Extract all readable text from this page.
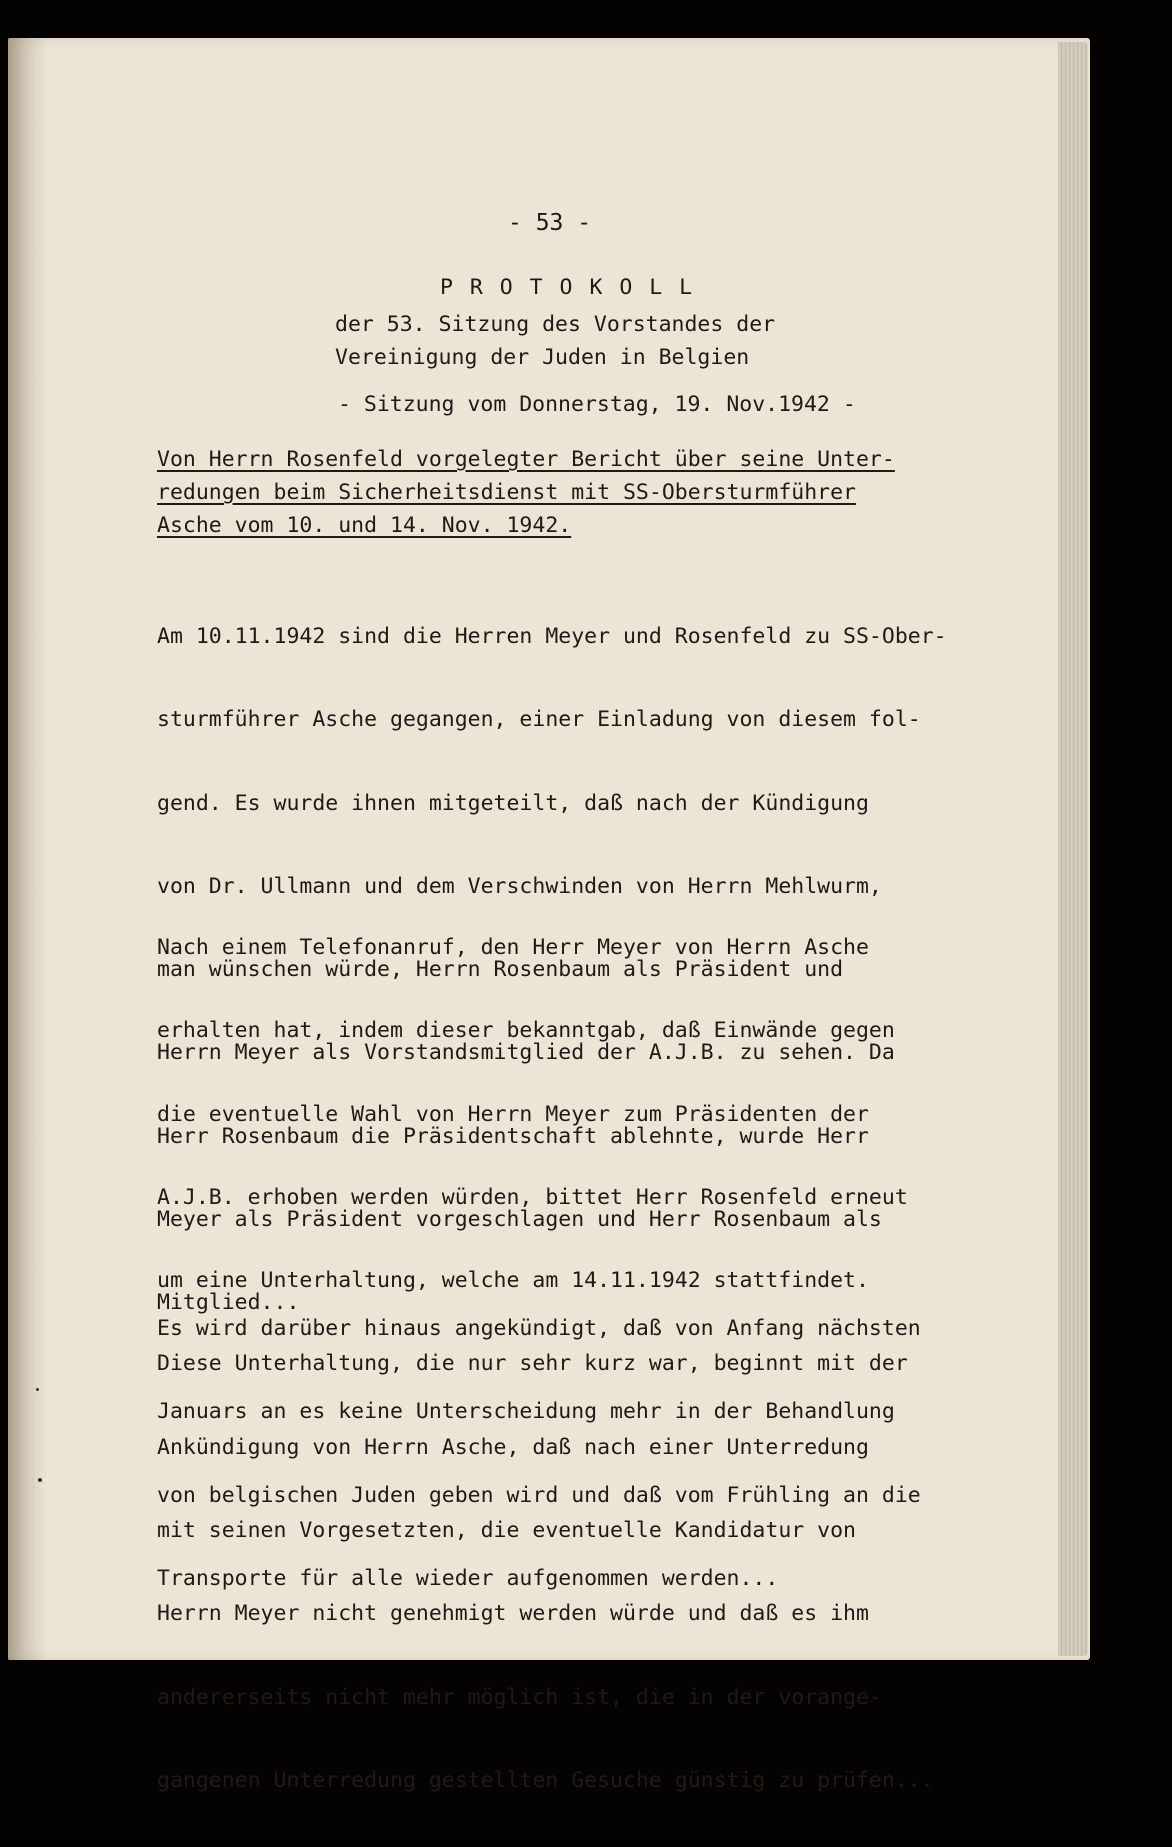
- 53 -
P R O T O K O L L
der 53. Sitzung des Vorstandes der
Vereinigung der Juden in Belgien
- Sitzung vom Donnerstag, 19. Nov.1942 -
Von Herrn Rosenfeld vorgelegter Bericht über seine Unter-
redungen beim Sicherheitsdienst mit SS-Obersturmführer
Asche vom 10. und 14. Nov. 1942.

Am 10.11.1942 sind die Herren Meyer und Rosenfeld zu SS-Ober-

sturmführer Asche gegangen, einer Einladung von diesem fol-

gend. Es wurde ihnen mitgeteilt, daß nach der Kündigung

von Dr. Ullmann und dem Verschwinden von Herrn Mehlwurm,

man wünschen würde, Herrn Rosenbaum als Präsident und

Herrn Meyer als Vorstandsmitglied der A.J.B. zu sehen. Da

Herr Rosenbaum die Präsidentschaft ablehnte, wurde Herr

Meyer als Präsident vorgeschlagen und Herr Rosenbaum als

Mitglied...

Nach einem Telefonanruf, den Herr Meyer von Herrn Asche

erhalten hat, indem dieser bekanntgab, daß Einwände gegen

die eventuelle Wahl von Herrn Meyer zum Präsidenten der

A.J.B. erhoben werden würden, bittet Herr Rosenfeld erneut

um eine Unterhaltung, welche am 14.11.1942 stattfindet.

Diese Unterhaltung, die nur sehr kurz war, beginnt mit der

Ankündigung von Herrn Asche, daß nach einer Unterredung

mit seinen Vorgesetzten, die eventuelle Kandidatur von

Herrn Meyer nicht genehmigt werden würde und daß es ihm

andererseits nicht mehr möglich ist, die in der vorange-

gangenen Unterredung gestellten Gesuche günstig zu prüfen...

Es wird darüber hinaus angekündigt, daß von Anfang nächsten

Januars an es keine Unterscheidung mehr in der Behandlung

von belgischen Juden geben wird und daß vom Frühling an die

Transporte für alle wieder aufgenommen werden...
